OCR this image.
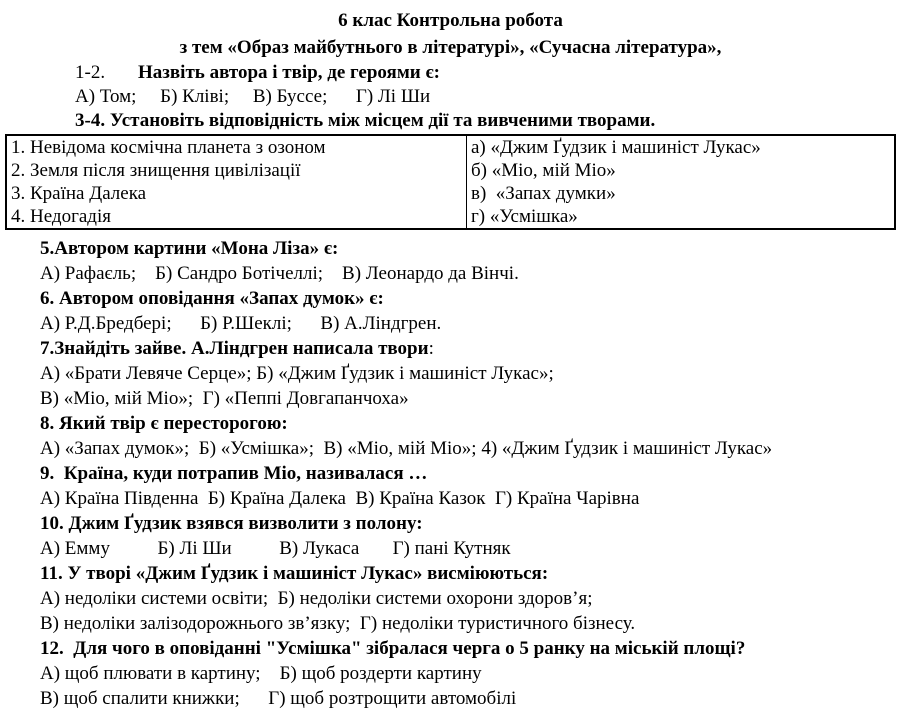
6 клас Контрольна робота
з тем «Образ майбутнього в літературі», «Сучасна література»,
1-2. Назвіть автора і твір, де героями є:
А) Том;     Б) Кліві;     В) Буссе;      Г) Лі Ши
3-4. Установіть відповідність між місцем дії та вивченими творами.
1. Невідома космічна планета з озоном	а) «Джим Ґудзик і машиніст Лукас»
2. Земля після знищення цивілізації	б) «Міо, мій Міо»
3. Країна Далека	в)  «Запах думки»
4. Недогадія	г) «Усмішка»
5.Автором картини «Мона Ліза» є:
А) Рафаєль;    Б) Сандро Ботічеллі;    В) Леонардо да Вінчі.
6. Автором оповідання «Запах думок» є:
А) Р.Д.Бредбері;      Б) Р.Шеклі;      В) А.Ліндгрен.
7.Знайдіть зайве. А.Ліндгрен написала твори:
А) «Брати Левяче Серце»; Б) «Джим Ґудзик і машиніст Лукас»;
В) «Міо, мій Міо»;  Г) «Пеппі Довгапанчоха»
8. Який твір є пересторогою:
А) «Запах думок»;  Б) «Усмішка»;  В) «Міо, мій Міо»; 4) «Джим Ґудзик і машиніст Лукас»
9.  Країна, куди потрапив Міо, називалася …
А) Країна Південна  Б) Країна Далека  В) Країна Казок  Г) Країна Чарівна
10. Джим Ґудзик взявся визволити з полону:
А) Емму          Б) Лі Ши          В) Лукаса       Г) пані Кутняк
11. У творі «Джим Ґудзик і машиніст Лукас» висміюються:
А) недоліки системи освіти;  Б) недоліки системи охорони здоров’я;
В) недоліки залізодорожнього зв’язку;  Г) недоліки туристичного бізнесу.
12.  Для чого в оповіданні "Усмішка" зібралася черга о 5 ранку на міській площі?
А) щоб плювати в картину;    Б) щоб роздерти картину
В) щоб спалити книжки;      Г) щоб розтрощити автомобілі
